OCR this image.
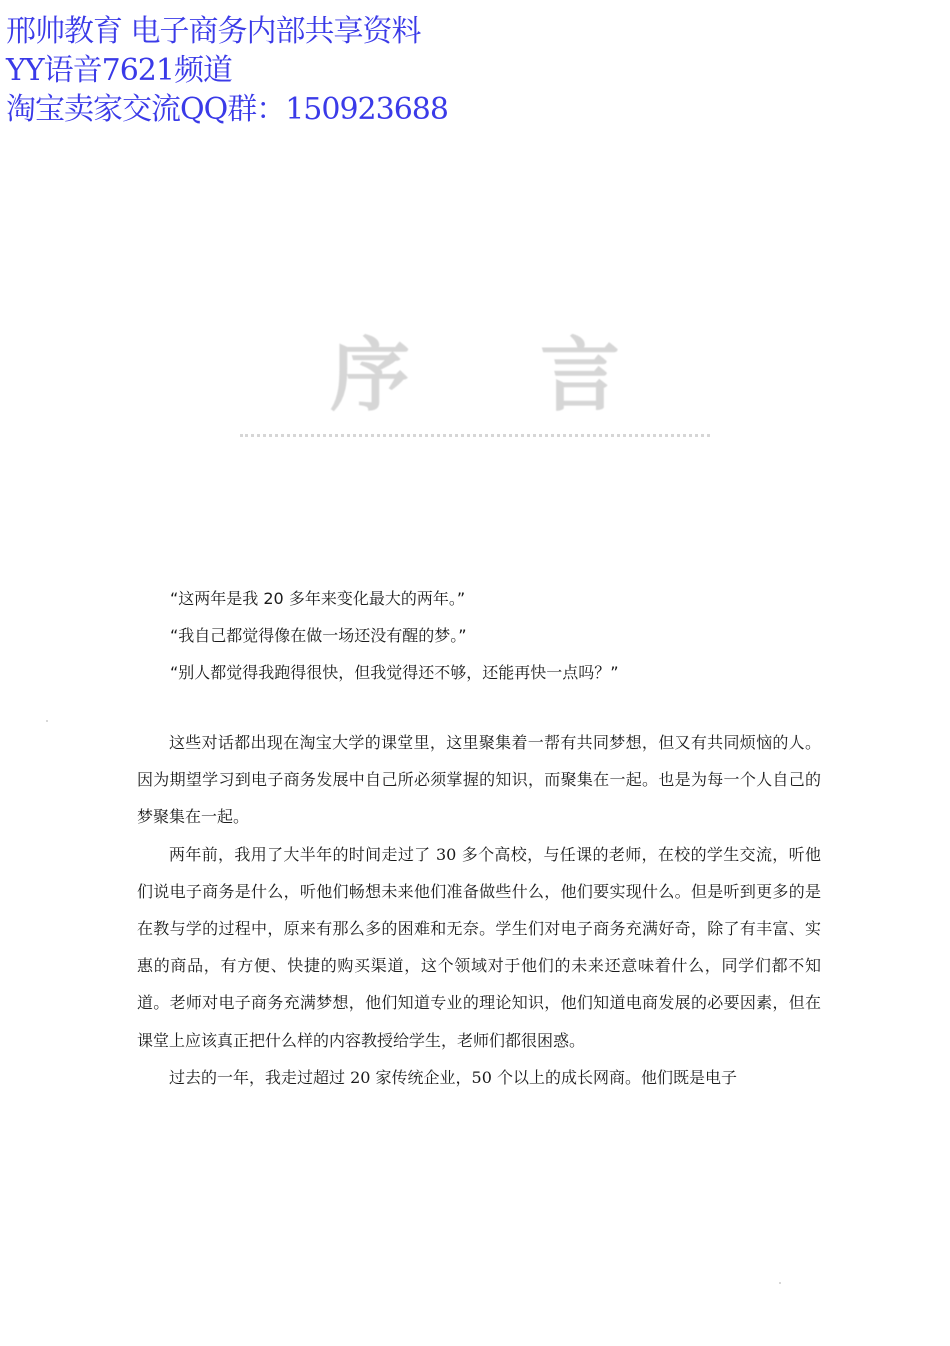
邢帅教育 电子商务内部共享资料
YY语音7621频道
淘宝卖家交流QQ群：150923688
序 言
“这两年是我 20 多年来变化最大的两年。”
“我自己都觉得像在做一场还没有醒的梦。”
“别人都觉得我跑得很快，但我觉得还不够，还能再快一点吗？”

这些对话都出现在淘宝大学的课堂里，这里聚集着一帮有共同梦想，但又有共同烦恼的人。因为期望学习到电子商务发展中自己所必须掌握的知识，而聚集在一起。也是为每一个人自己的梦聚集在一起。

两年前，我用了大半年的时间走过了 30 多个高校，与任课的老师，在校的学生交流，听他们说电子商务是什么，听他们畅想未来他们准备做些什么，他们要实现什么。但是听到更多的是在教与学的过程中，原来有那么多的困难和无奈。学生们对电子商务充满好奇，除了有丰富、实惠的商品，有方便、快捷的购买渠道，这个领域对于他们的未来还意味着什么，同学们都不知道。老师对电子商务充满梦想，他们知道专业的理论知识，他们知道电商发展的必要因素，但在课堂上应该真正把什么样的内容教授给学生，老师们都很困惑。

过去的一年，我走过超过 20 家传统企业，50 个以上的成长网商。他们既是电子
